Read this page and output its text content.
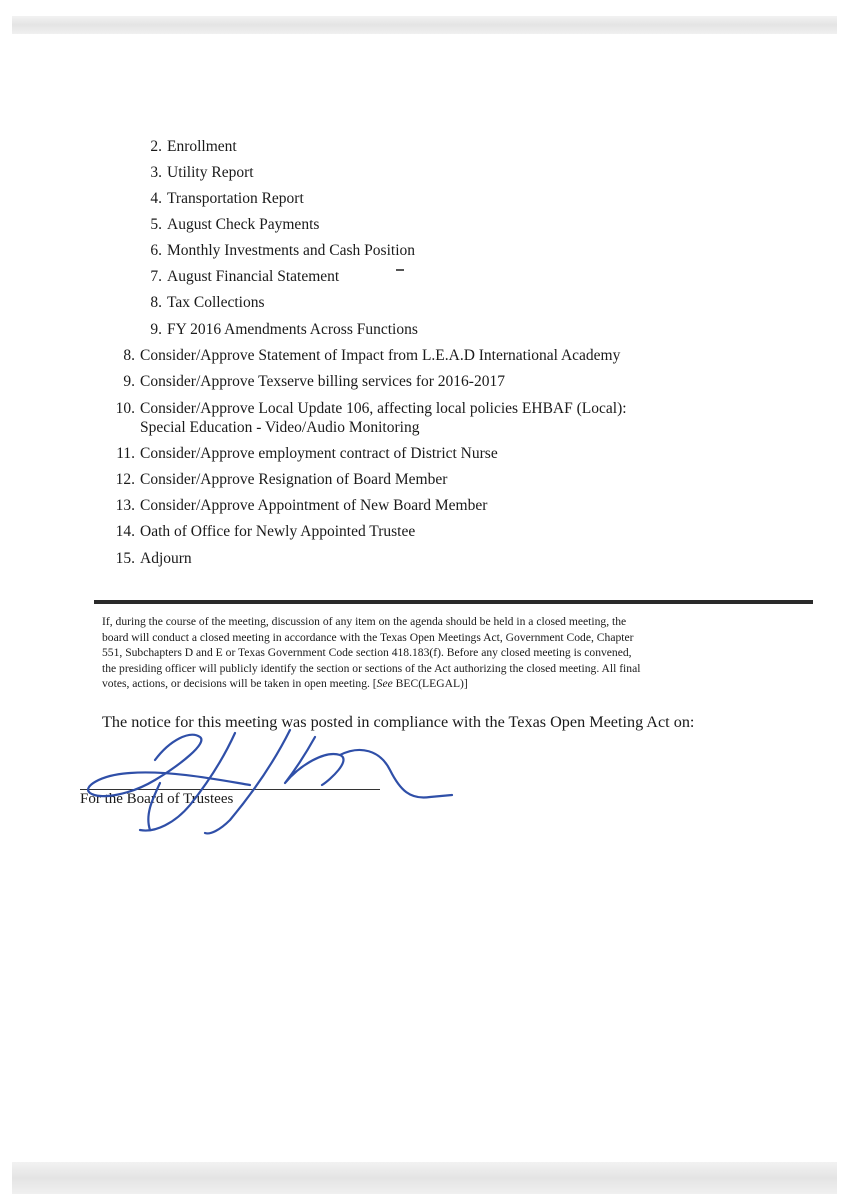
2. Enrollment
3. Utility Report
4. Transportation Report
5. August Check Payments
6. Monthly Investments and Cash Position
7. August Financial Statement
8. Tax Collections
9. FY 2016 Amendments Across Functions
8. Consider/Approve Statement of Impact from L.E.A.D International Academy
9. Consider/Approve Texserve billing services for 2016-2017
10. Consider/Approve Local Update 106, affecting local policies EHBAF (Local):
Special Education - Video/Audio Monitoring
11. Consider/Approve employment contract of District Nurse
12. Consider/Approve Resignation of Board Member
13. Consider/Approve Appointment of New Board Member
14. Oath of Office for Newly Appointed Trustee
15. Adjourn
If, during the course of the meeting, discussion of any item on the agenda should be held in a closed meeting, the
board will conduct a closed meeting in accordance with the Texas Open Meetings Act, Government Code, Chapter
551, Subchapters D and E or Texas Government Code section 418.183(f). Before any closed meeting is convened,
the presiding officer will publicly identify the section or sections of the Act authorizing the closed meeting. All final
votes, actions, or decisions will be taken in open meeting. [See BEC(LEGAL)]
The notice for this meeting was posted in compliance with the Texas Open Meeting Act on:
For the Board of Trustees
